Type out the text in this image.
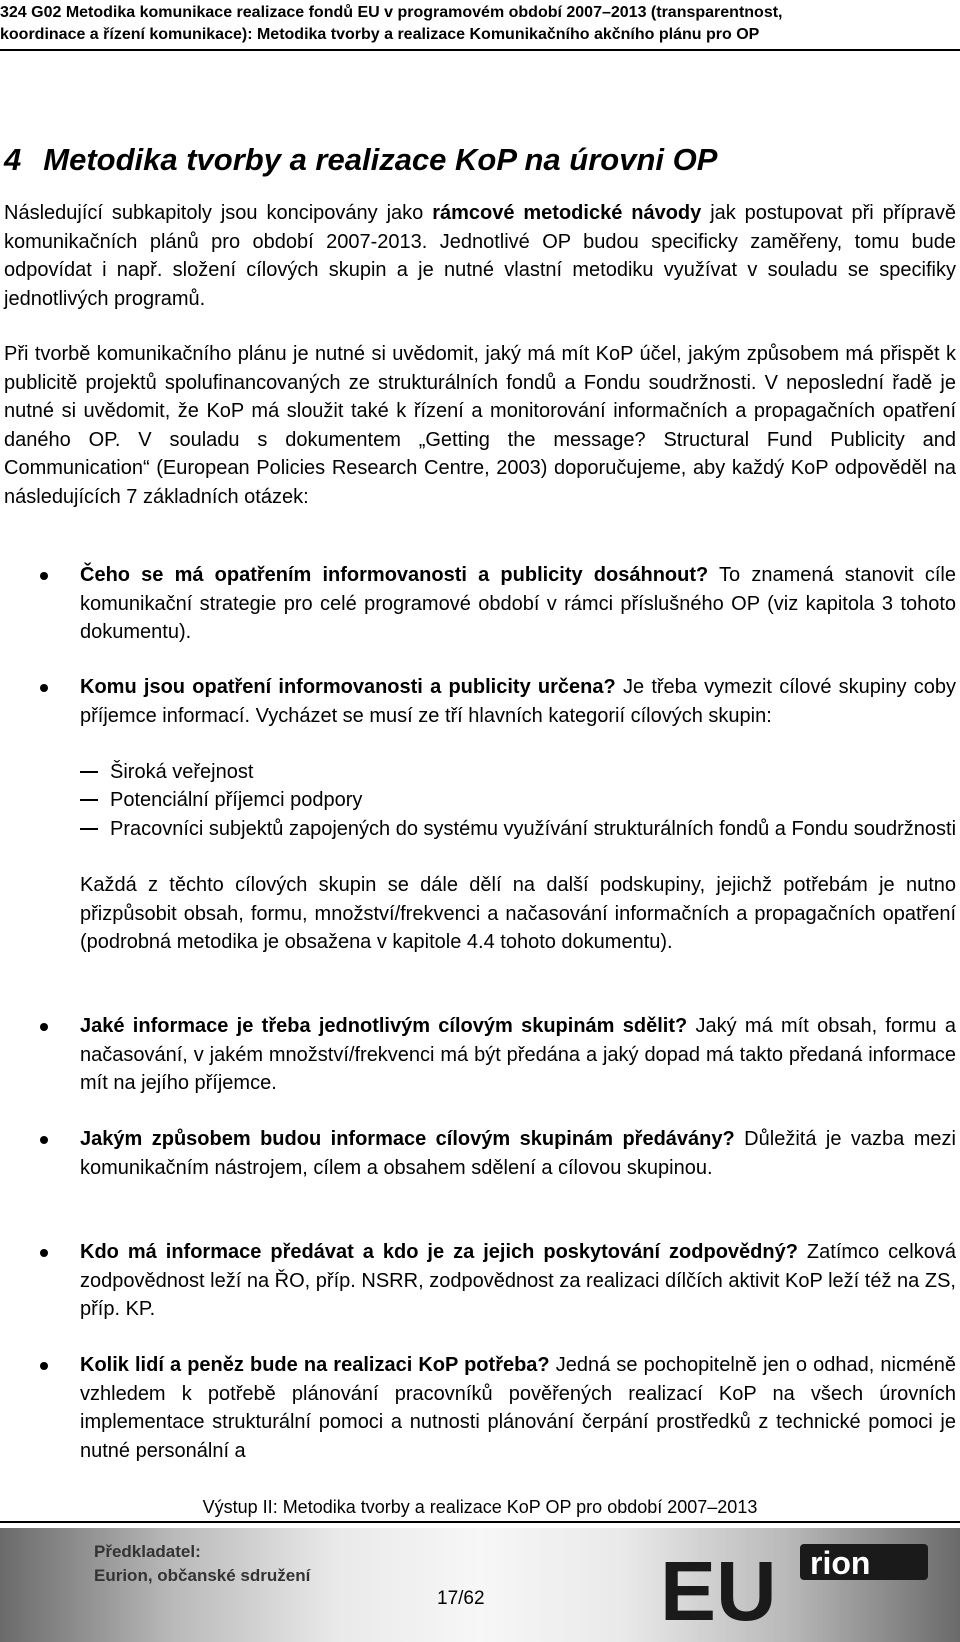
324 G02 Metodika komunikace realizace fondů EU v programovém období 2007–2013 (transparentnost,
koordinace a řízení komunikace): Metodika tvorby a realizace Komunikačního akčního plánu pro OP
4 Metodika tvorby a realizace KoP na úrovni OP

Následující subkapitoly jsou koncipovány jako rámcové metodické návody jak postupovat při přípravě komunikačních plánů pro období 2007-2013. Jednotlivé OP budou specificky zaměřeny, tomu bude odpovídat i např. složení cílových skupin a je nutné vlastní metodiku využívat v souladu se specifiky jednotlivých programů.

Při tvorbě komunikačního plánu je nutné si uvědomit, jaký má mít KoP účel, jakým způsobem má přispět k publicitě projektů spolufinancovaných ze strukturálních fondů a Fondu soudržnosti. V neposlední řadě je nutné si uvědomit, že KoP má sloužit také k řízení a monitorování informačních a propagačních opatření daného OP. V souladu s dokumentem „Getting the message? Structural Fund Publicity and Communication“ (European Policies Research Centre, 2003) doporučujeme, aby každý KoP odpověděl na následujících 7 základních otázek:

Čeho se má opatřením informovanosti a publicity dosáhnout? To znamená stanovit cíle komunikační strategie pro celé programové období v rámci příslušného OP (viz kapitola 3 tohoto dokumentu).

Komu jsou opatření informovanosti a publicity určena? Je třeba vymezit cílové skupiny coby příjemce informací. Vycházet se musí ze tří hlavních kategorií cílových skupin:

Široká veřejnost
Potenciální příjemci podpory
Pracovníci subjektů zapojených do systému využívání strukturálních fondů a Fondu soudržnosti

Každá z těchto cílových skupin se dále dělí na další podskupiny, jejichž potřebám je nutno přizpůsobit obsah, formu, množství/frekvenci a načasování informačních a propagačních opatření (podrobná metodika je obsažena v kapitole 4.4 tohoto dokumentu).

Jaké informace je třeba jednotlivým cílovým skupinám sdělit? Jaký má mít obsah, formu a načasování, v jakém množství/frekvenci má být předána a jaký dopad má takto předaná informace mít na jejího příjemce.

Jakým způsobem budou informace cílovým skupinám předávány? Důležitá je vazba mezi komunikačním nástrojem, cílem a obsahem sdělení a cílovou skupinou.

Kdo má informace předávat a kdo je za jejich poskytování zodpovědný? Zatímco celková zodpovědnost leží na ŘO, příp. NSRR, zodpovědnost za realizaci dílčích aktivit KoP leží též na ZS, příp. KP.

Kolik lidí a peněz bude na realizaci KoP potřeba? Jedná se pochopitelně jen o odhad, nicméně vzhledem k potřebě plánování pracovníků pověřených realizací KoP na všech úrovních implementace strukturální pomoci a nutnosti plánování čerpání prostředků z technické pomoci je nutné personální a

Výstup II: Metodika tvorby a realizace KoP OP pro období 2007–2013
Předkladatel:
Eurion, občanské sdružení
17/62 EU rion
